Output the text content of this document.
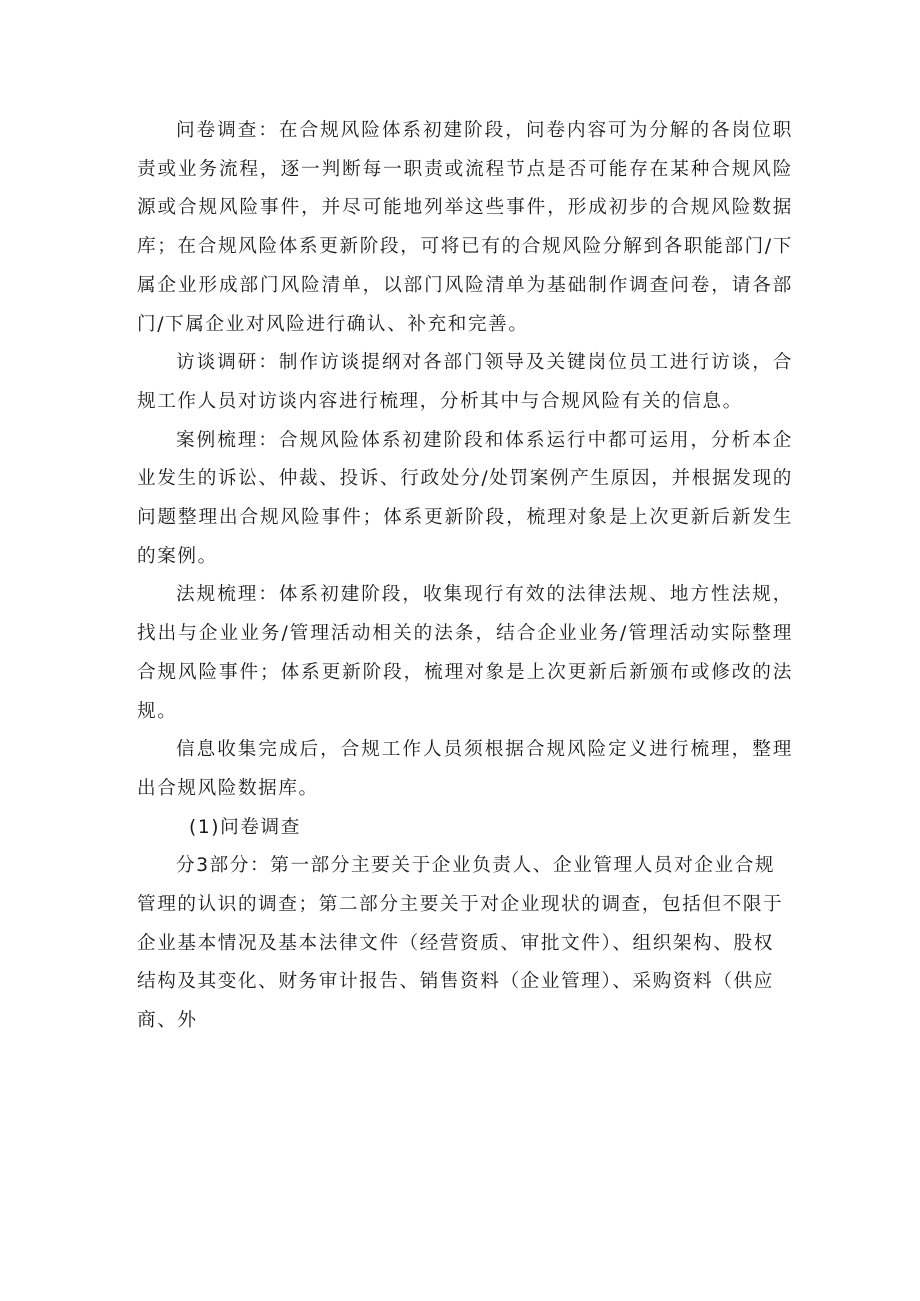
问卷调查：在合规风险体系初建阶段，问卷内容可为分解的各岗位职责或业务流程，逐一判断每一职责或流程节点是否可能存在某种合规风险源或合规风险事件，并尽可能地列举这些事件，形成初步的合规风险数据库；在合规风险体系更新阶段，可将已有的合规风险分解到各职能部门/下属企业形成部门风险清单，以部门风险清单为基础制作调查问卷，请各部门/下属企业对风险进行确认、补充和完善。

访谈调研：制作访谈提纲对各部门领导及关键岗位员工进行访谈，合规工作人员对访谈内容进行梳理，分析其中与合规风险有关的信息。

案例梳理：合规风险体系初建阶段和体系运行中都可运用，分析本企业发生的诉讼、仲裁、投诉、行政处分/处罚案例产生原因，并根据发现的问题整理出合规风险事件；体系更新阶段，梳理对象是上次更新后新发生的案例。

法规梳理：体系初建阶段，收集现行有效的法律法规、地方性法规，找出与企业业务/管理活动相关的法条，结合企业业务/管理活动实际整理合规风险事件；体系更新阶段，梳理对象是上次更新后新颁布或修改的法规。

信息收集完成后，合规工作人员须根据合规风险定义进行梳理，整理出合规风险数据库。

(1)问卷调查

分3部分：第一部分主要关于企业负责人、企业管理人员对企业合规管理的认识的调查；第二部分主要关于对企业现状的调查，包括但不限于企业基本情况及基本法律文件（经营资质、审批文件）、组织架构、股权结构及其变化、财务审计报告、销售资料（企业管理）、采购资料（供应商、外
